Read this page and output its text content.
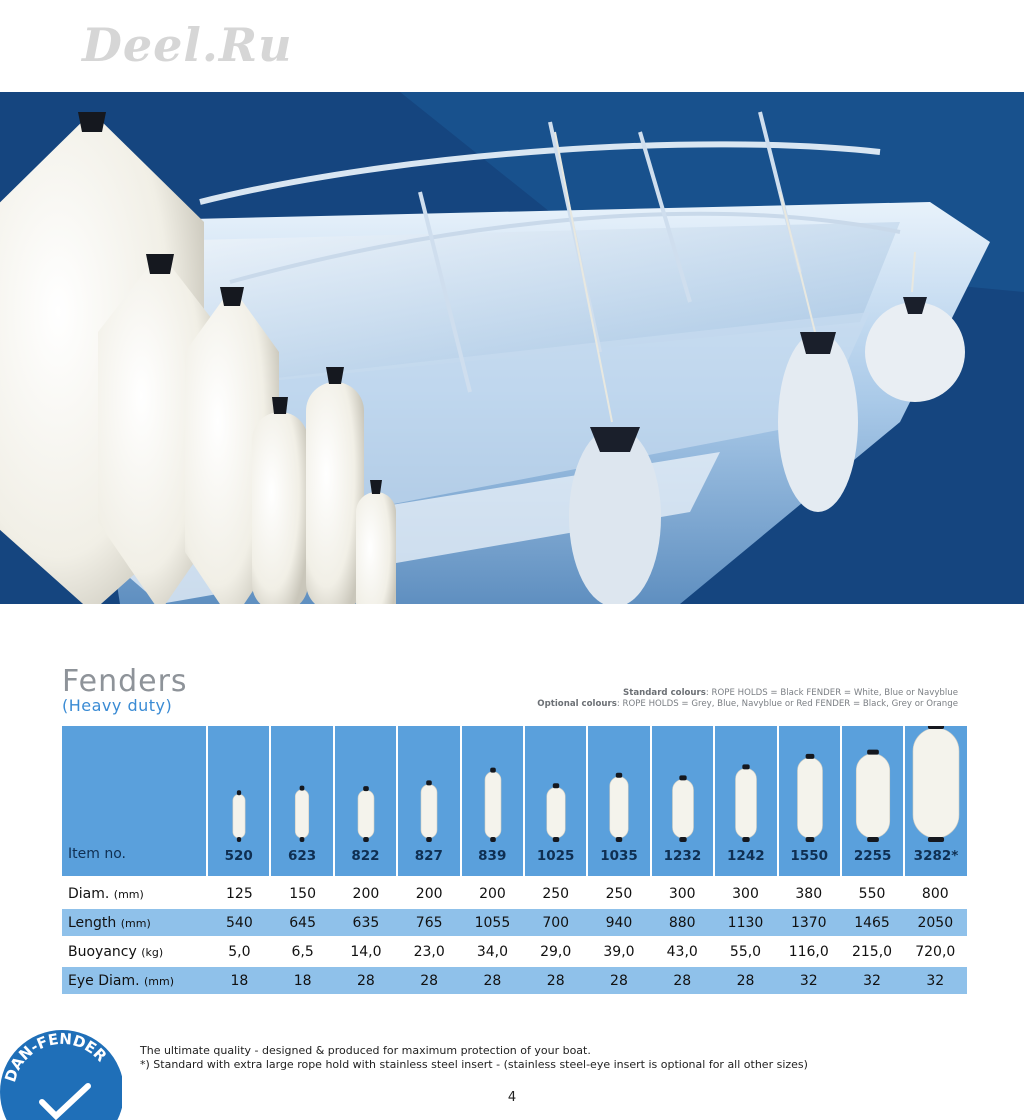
Deel.Ru
Fenders
(Heavy duty)
Standard colours: ROPE HOLDS = Black FENDER = White, Blue or Navyblue
Optional colours: ROPE HOLDS = Grey, Blue, Navyblue or Red FENDER = Black, Grey or Orange
Item no.	520	623	822	827	839	1025	1035	1232	1242	1550	2255	3282*
Diam. (mm)	125	150	200	200	200	250	250	300	300	380	550	800
Length (mm)	540	645	635	765	1055	700	940	880	1130	1370	1465	2050
Buoyancy (kg)	5,0	6,5	14,0	23,0	34,0	29,0	39,0	43,0	55,0	116,0	215,0	720,0
Eye Diam. (mm)	18	18	28	28	28	28	28	28	28	32	32	32
DAN-FENDER	The ultimate quality - designed & produced for maximum protection of your boat.
*) Standard with extra large rope hold with stainless steel insert - (stainless steel-eye insert is optional for all other sizes)
4
